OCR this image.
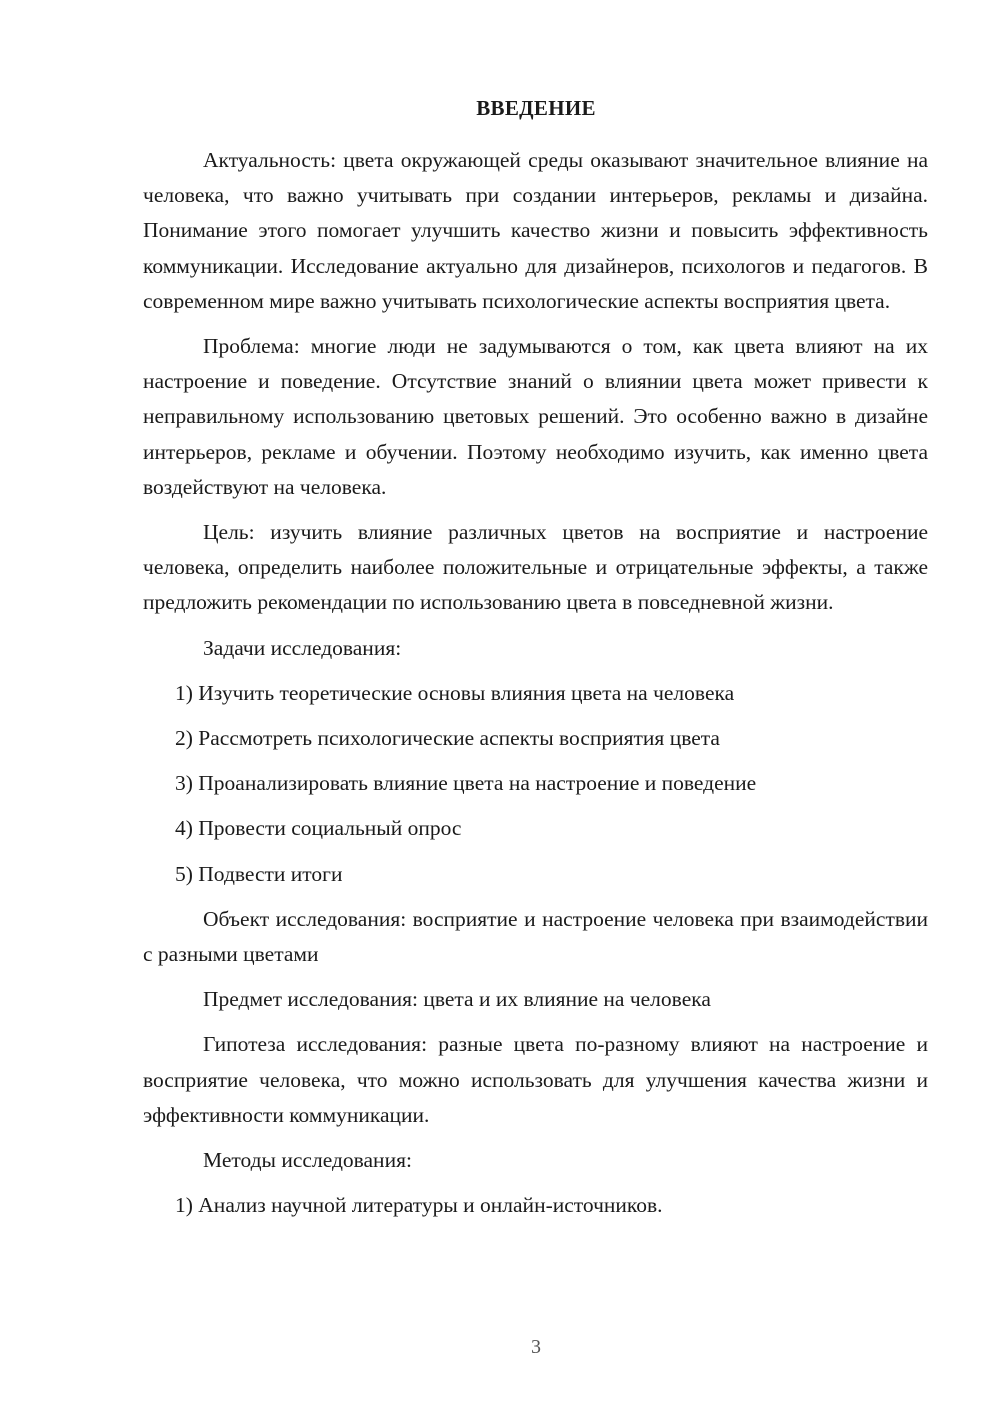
ВВЕДЕНИЕ

Актуальность: цвета окружающей среды оказывают значительное влияние на человека, что важно учитывать при создании интерьеров, рекламы и дизайна. Понимание этого помогает улучшить качество жизни и повысить эффективность коммуникации. Исследование актуально для дизайнеров, психологов и педагогов. В современном мире важно учитывать психологические аспекты восприятия цвета.

Проблема: многие люди не задумываются о том, как цвета влияют на их настроение и поведение. Отсутствие знаний о влиянии цвета может привести к неправильному использованию цветовых решений. Это особенно важно в дизайне интерьеров, рекламе и обучении. Поэтому необходимо изучить, как именно цвета воздействуют на человека.

Цель: изучить влияние различных цветов на восприятие и настроение человека, определить наиболее положительные и отрицательные эффекты, а также предложить рекомендации по использованию цвета в повседневной жизни.

Задачи исследования:

1) Изучить теоретические основы влияния цвета на человека

2) Рассмотреть психологические аспекты восприятия цвета

3) Проанализировать влияние цвета на настроение и поведение

4) Провести социальный опрос

5) Подвести итоги

Объект исследования: восприятие и настроение человека при взаимодействии с разными цветами

Предмет исследования: цвета и их влияние на человека

Гипотеза исследования: разные цвета по-разному влияют на настроение и восприятие человека, что можно использовать для улучшения качества жизни и эффективности коммуникации.

Методы исследования:

1) Анализ научной литературы и онлайн-источников.

3
